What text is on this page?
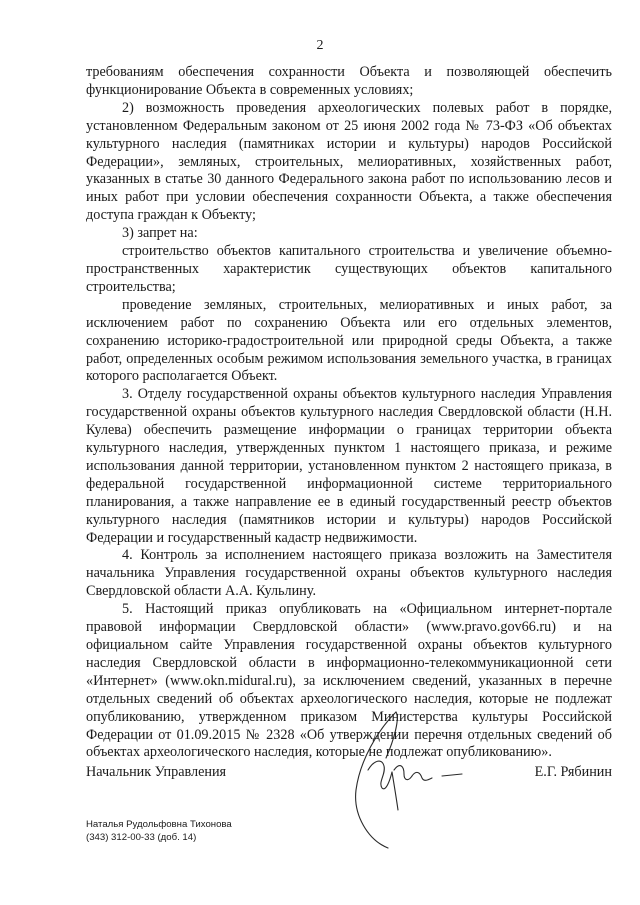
2

требованиям обеспечения сохранности Объекта и позволяющей обеспечить функционирование Объекта в современных условиях;

2) возможность проведения археологических полевых работ в порядке, установленном Федеральным законом от 25 июня 2002 года № 73-ФЗ «Об объектах культурного наследия (памятниках истории и культуры) народов Российской Федерации», земляных, строительных, мелиоративных, хозяйственных работ, указанных в статье 30 данного Федерального закона работ по использованию лесов и иных работ при условии обеспечения сохранности Объекта, а также обеспечения доступа граждан к Объекту;

3) запрет на:

строительство объектов капитального строительства и увеличение объемно-пространственных характеристик существующих объектов капитального строительства;

проведение земляных, строительных, мелиоративных и иных работ, за исключением работ по сохранению Объекта или его отдельных элементов, сохранению историко-градостроительной или природной среды Объекта, а также работ, определенных особым режимом использования земельного участка, в границах которого располагается Объект.

3. Отделу государственной охраны объектов культурного наследия Управления государственной охраны объектов культурного наследия Свердловской области (Н.Н. Кулева) обеспечить размещение информации о границах территории объекта культурного наследия, утвержденных пунктом 1 настоящего приказа, и режиме использования данной территории, установленном пунктом 2 настоящего приказа, в федеральной государственной информационной системе территориального планирования, а также направление ее в единый государственный реестр объектов культурного наследия (памятников истории и культуры) народов Российской Федерации и государственный кадастр недвижимости.

4. Контроль за исполнением настоящего приказа возложить на Заместителя начальника Управления государственной охраны объектов культурного наследия Свердловской области А.А. Кульлину.

5. Настоящий приказ опубликовать на «Официальном интернет-портале правовой информации Свердловской области» (www.pravo.gov66.ru) и на официальном сайте Управления государственной охраны объектов культурного наследия Свердловской области в информационно-телекоммуникационной сети «Интернет» (www.okn.midural.ru), за исключением сведений, указанных в перечне отдельных сведений об объектах археологического наследия, которые не подлежат опубликованию, утвержденном приказом Министерства культуры Российской Федерации от 01.09.2015 № 2328 «Об утверждении перечня отдельных сведений об объектах археологического наследия, которые не подлежат опубликованию».

Начальник Управления	Е.Г. Рябинин
Наталья Рудольфовна Тихонова
(343) 312-00-33 (доб. 14)
